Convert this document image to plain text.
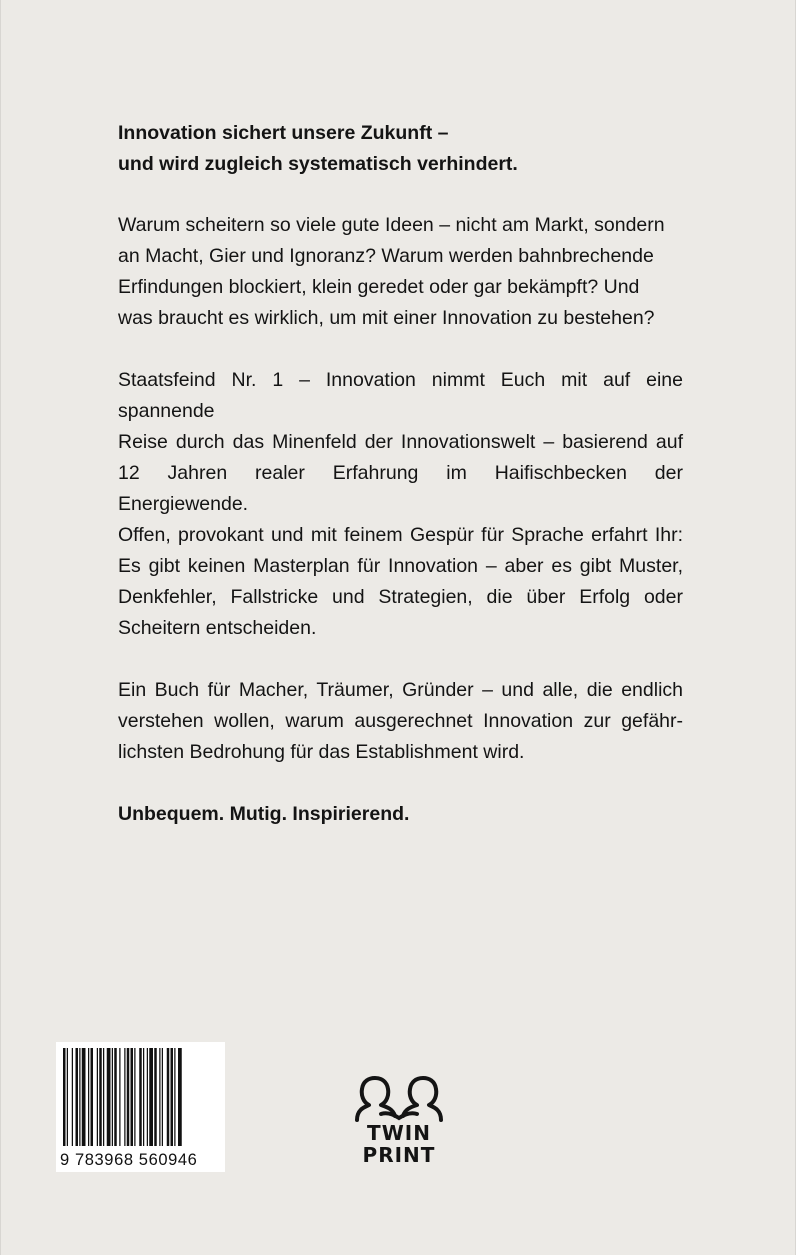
Innovation sichert unsere Zukunft –
und wird zugleich systematisch verhindert.

Warum scheitern so viele gute Ideen – nicht am Markt, sondern
an Macht, Gier und Ignoranz? Warum werden bahnbrechende
Erfindungen blockiert, klein geredet oder gar bekämpft? Und
was braucht es wirklich, um mit einer Innovation zu bestehen?

Staatsfeind Nr. 1 – Innovation nimmt Euch mit auf eine spannende
Reise durch das Minenfeld der Innovationswelt – basierend auf
12 Jahren realer Erfahrung im Haifischbecken der Energiewende.
Offen, provokant und mit feinem Gespür für Sprache erfahrt Ihr:
Es gibt keinen Masterplan für Innovation – aber es gibt Muster,
Denkfehler, Fallstricke und Strategien, die über Erfolg oder
Scheitern entscheiden.

Ein Buch für Macher, Träumer, Gründer – und alle, die endlich
verstehen wollen, warum ausgerechnet Innovation zur gefähr-
lichsten Bedrohung für das Establishment wird.

Unbequem. Mutig. Inspirierend.

9 783968 560946
TWIN
PRINT
